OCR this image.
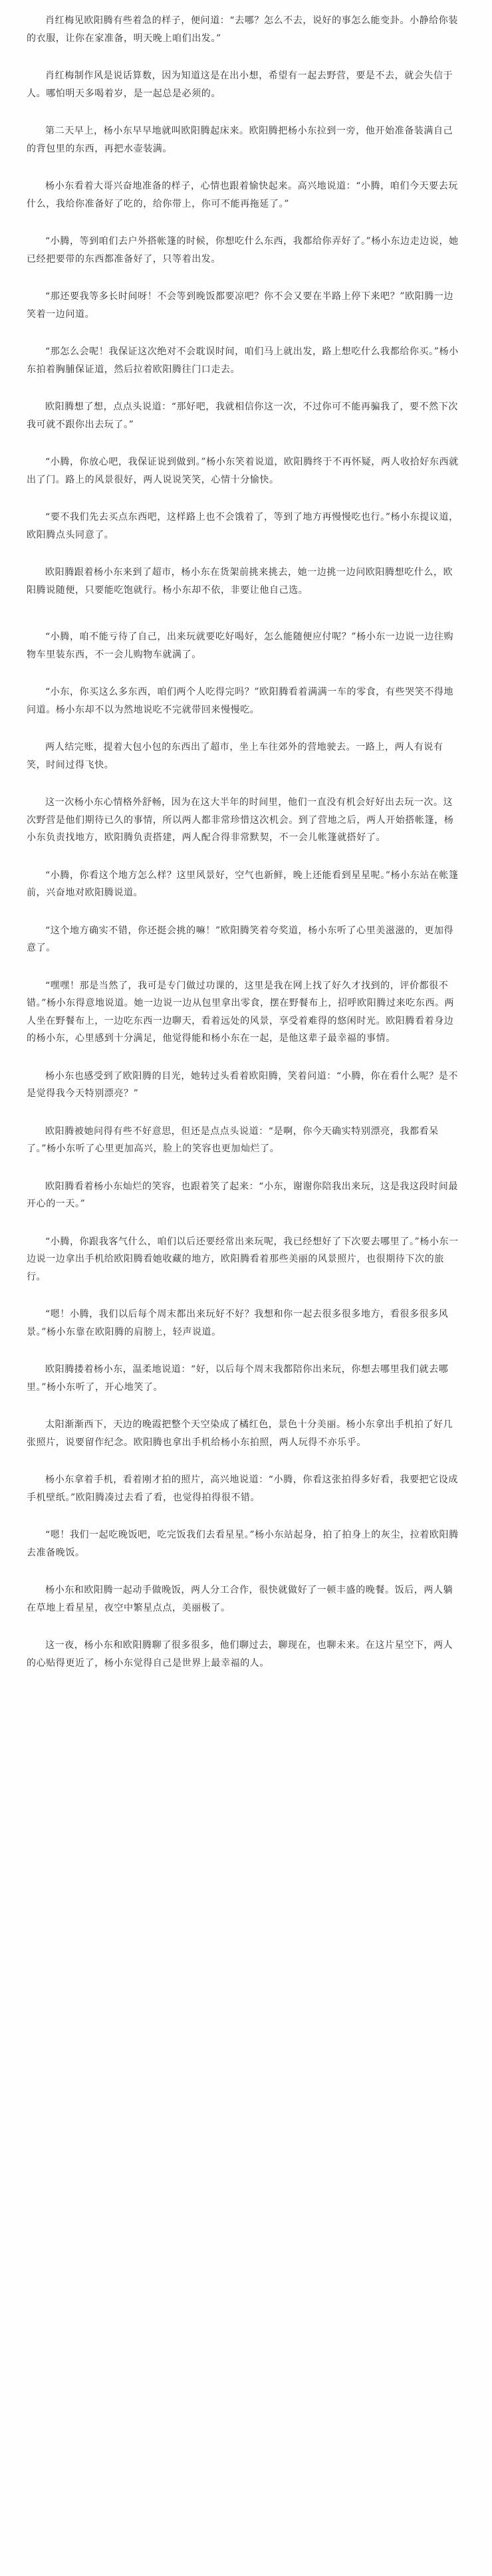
肖红梅见欧阳腾有些着急的样子，便问道：“去哪？怎么不去，说好的事怎么能变卦。小静给你装的衣服，让你在家准备，明天晚上咱们出发。”

肖红梅制作风是说话算数，因为知道这是在出小想，希望有一起去野营，要是不去，就会失信于人。哪怕明天多喝着岁，是一起总是必须的。

第二天早上，杨小东早早地就叫欧阳腾起床来。欧阳腾把杨小东拉到一旁，他开始准备装满自己的背包里的东西，再把水壶装满。

杨小东看着大哥兴奋地准备的样子，心情也跟着愉快起来。高兴地说道：“小腾，咱们今天要去玩什么，我给你准备好了吃的，给你带上，你可不能再拖延了。”

“小腾，等到咱们去户外搭帐篷的时候，你想吃什么东西，我都给你弄好了。”杨小东边走边说，她已经把要带的东西都准备好了，只等着出发。

“那还要我等多长时间呀！不会等到晚饭都要凉吧？你不会又要在半路上停下来吧？”欧阳腾一边笑着一边问道。

“那怎么会呢！我保证这次绝对不会耽误时间，咱们马上就出发，路上想吃什么我都给你买。”杨小东拍着胸脯保证道，然后拉着欧阳腾往门口走去。

欧阳腾想了想，点点头说道：“那好吧，我就相信你这一次，不过你可不能再骗我了，要不然下次我可就不跟你出去玩了。”

“小腾，你放心吧，我保证说到做到。”杨小东笑着说道，欧阳腾终于不再怀疑，两人收拾好东西就出了门。路上的风景很好，两人说说笑笑，心情十分愉快。

“要不我们先去买点东西吧，这样路上也不会饿着了，等到了地方再慢慢吃也行。”杨小东提议道，欧阳腾点头同意了。

欧阳腾跟着杨小东来到了超市，杨小东在货架前挑来挑去，她一边挑一边问欧阳腾想吃什么，欧阳腾说随便，只要能吃饱就行。杨小东却不依，非要让他自己选。

“小腾，咱不能亏待了自己，出来玩就要吃好喝好，怎么能随便应付呢？”杨小东一边说一边往购物车里装东西，不一会儿购物车就满了。

“小东，你买这么多东西，咱们两个人吃得完吗？”欧阳腾看着满满一车的零食，有些哭笑不得地问道。杨小东却不以为然地说吃不完就带回来慢慢吃。

两人结完账，提着大包小包的东西出了超市，坐上车往郊外的营地驶去。一路上，两人有说有笑，时间过得飞快。

这一次杨小东心情格外舒畅，因为在这大半年的时间里，他们一直没有机会好好出去玩一次。这次野营是他们期待已久的事情，所以两人都非常珍惜这次机会。到了营地之后，两人开始搭帐篷，杨小东负责找地方，欧阳腾负责搭建，两人配合得非常默契，不一会儿帐篷就搭好了。

“小腾，你看这个地方怎么样？这里风景好，空气也新鲜，晚上还能看到星星呢。”杨小东站在帐篷前，兴奋地对欧阳腾说道。

“这个地方确实不错，你还挺会挑的嘛！”欧阳腾笑着夸奖道，杨小东听了心里美滋滋的，更加得意了。

“嘿嘿！那是当然了，我可是专门做过功课的，这里是我在网上找了好久才找到的，评价都很不错。”杨小东得意地说道。她一边说一边从包里拿出零食，摆在野餐布上，招呼欧阳腾过来吃东西。两人坐在野餐布上，一边吃东西一边聊天，看着远处的风景，享受着难得的悠闲时光。欧阳腾看着身边的杨小东，心里感到十分满足，他觉得能和杨小东在一起，是他这辈子最幸福的事情。

杨小东也感受到了欧阳腾的目光，她转过头看着欧阳腾，笑着问道：“小腾，你在看什么呢？是不是觉得我今天特别漂亮？”

欧阳腾被她问得有些不好意思，但还是点点头说道：“是啊，你今天确实特别漂亮，我都看呆了。”杨小东听了心里更加高兴，脸上的笑容也更加灿烂了。

欧阳腾看着杨小东灿烂的笑容，也跟着笑了起来：“小东，谢谢你陪我出来玩，这是我这段时间最开心的一天。”

“小腾，你跟我客气什么，咱们以后还要经常出来玩呢，我已经想好了下次要去哪里了。”杨小东一边说一边拿出手机给欧阳腾看她收藏的地方，欧阳腾看着那些美丽的风景照片，也很期待下次的旅行。

“嗯！小腾，我们以后每个周末都出来玩好不好？我想和你一起去很多很多地方，看很多很多风景。”杨小东靠在欧阳腾的肩膀上，轻声说道。

欧阳腾搂着杨小东，温柔地说道：“好，以后每个周末我都陪你出来玩，你想去哪里我们就去哪里。”杨小东听了，开心地笑了。

太阳渐渐西下，天边的晚霞把整个天空染成了橘红色，景色十分美丽。杨小东拿出手机拍了好几张照片，说要留作纪念。欧阳腾也拿出手机给杨小东拍照，两人玩得不亦乐乎。

杨小东拿着手机，看着刚才拍的照片，高兴地说道：“小腾，你看这张拍得多好看，我要把它设成手机壁纸。”欧阳腾凑过去看了看，也觉得拍得很不错。

“嗯！我们一起吃晚饭吧，吃完饭我们去看星星。”杨小东站起身，拍了拍身上的灰尘，拉着欧阳腾去准备晚饭。

杨小东和欧阳腾一起动手做晚饭，两人分工合作，很快就做好了一顿丰盛的晚餐。饭后，两人躺在草地上看星星，夜空中繁星点点，美丽极了。

这一夜，杨小东和欧阳腾聊了很多很多，他们聊过去，聊现在，也聊未来。在这片星空下，两人的心贴得更近了，杨小东觉得自己是世界上最幸福的人。
